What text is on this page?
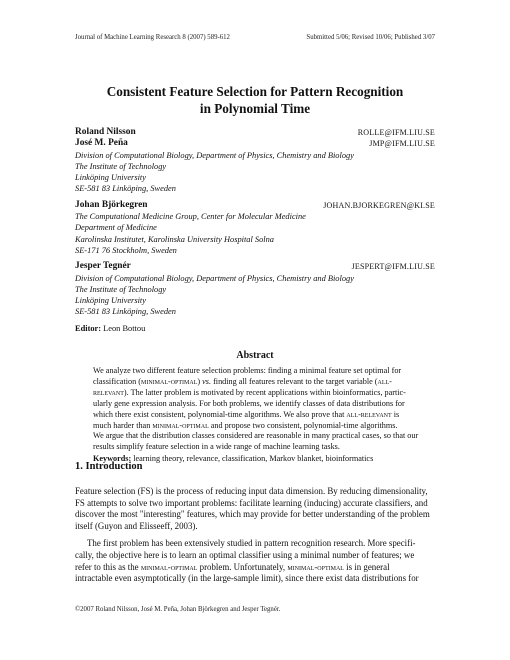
Journal of Machine Learning Research 8 (2007) 589-612	Submitted 5/06; Revised 10/06; Published 3/07
Consistent Feature Selection for Pattern Recognition
in Polynomial Time
Roland Nilsson	ROLLE@IFM.LIU.SE
José M. Peña	JMP@IFM.LIU.SE
Division of Computational Biology, Department of Physics, Chemistry and Biology
The Institute of Technology
Linköping University
SE-581 83 Linköping, Sweden
Johan Björkegren	JOHAN.BJORKEGREN@KI.SE
The Computational Medicine Group, Center for Molecular Medicine
Department of Medicine
Karolinska Institutet, Karolinska University Hospital Solna
SE-171 76 Stockholm, Sweden
Jesper Tegnér	JESPERT@IFM.LIU.SE
Division of Computational Biology, Department of Physics, Chemistry and Biology
The Institute of Technology
Linköping University
SE-581 83 Linköping, Sweden
Editor: Leon Bottou
Abstract
We analyze two different feature selection problems: finding a minimal feature set optimal for
classification (minimal-optimal) vs. finding all features relevant to the target variable (all-
relevant). The latter problem is motivated by recent applications within bioinformatics, partic-
ularly gene expression analysis. For both problems, we identify classes of data distributions for
which there exist consistent, polynomial-time algorithms. We also prove that all-relevant is
much harder than minimal-optimal and propose two consistent, polynomial-time algorithms.
We argue that the distribution classes considered are reasonable in many practical cases, so that our
results simplify feature selection in a wide range of machine learning tasks.
Keywords: learning theory, relevance, classification, Markov blanket, bioinformatics
1. Introduction
Feature selection (FS) is the process of reducing input data dimension. By reducing dimensionality,
FS attempts to solve two important problems: facilitate learning (inducing) accurate classifiers, and
discover the most "interesting" features, which may provide for better understanding of the problem
itself (Guyon and Elisseeff, 2003).
The first problem has been extensively studied in pattern recognition research. More specifi-
cally, the objective here is to learn an optimal classifier using a minimal number of features; we
refer to this as the minimal-optimal problem. Unfortunately, minimal-optimal is in general
intractable even asymptotically (in the large-sample limit), since there exist data distributions for
©2007 Roland Nilsson, José M. Peña, Johan Björkegren and Jesper Tegnér.
